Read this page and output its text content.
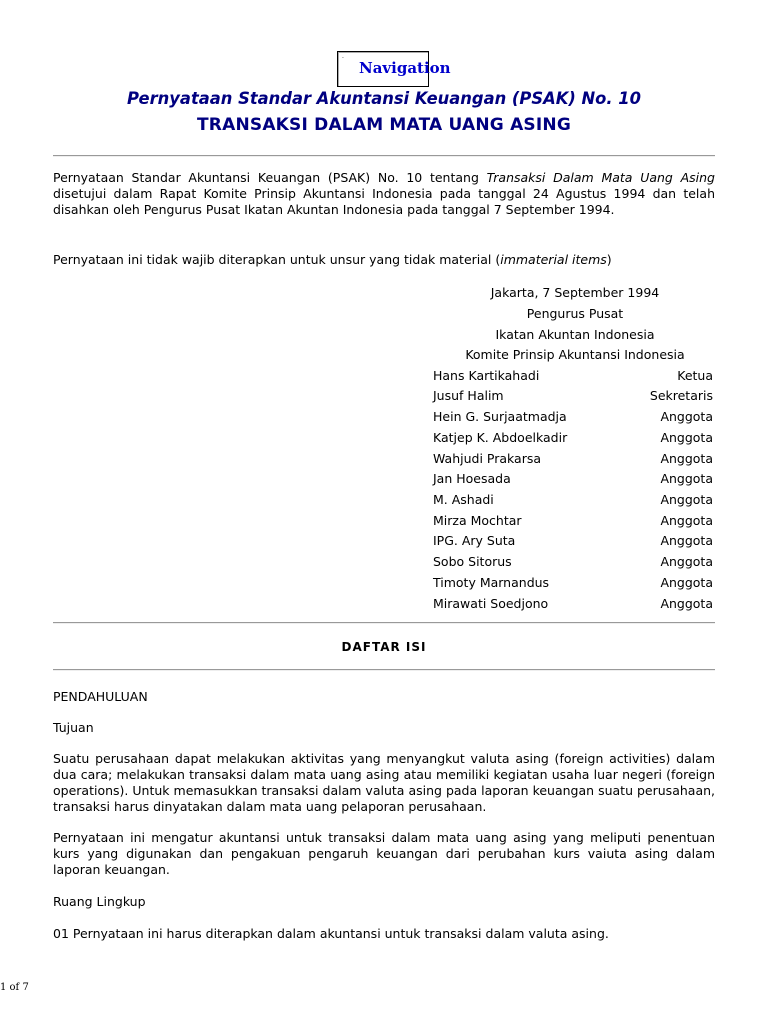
·
Navigation
Pernyataan Standar Akuntansi Keuangan (PSAK) No. 10
TRANSAKSI DALAM MATA UANG ASING
Pernyataan Standar Akuntansi Keuangan (PSAK) No. 10 tentang Transaksi Dalam Mata Uang Asing disetujui dalam Rapat Komite Prinsip Akuntansi Indonesia pada tanggal 24 Agustus 1994 dan telah disahkan oleh Pengurus Pusat Ikatan Akuntan Indonesia pada tanggal 7 September 1994.
Pernyataan ini tidak wajib diterapkan untuk unsur yang tidak material (immaterial items)
Jakarta, 7 September 1994
Pengurus Pusat
Ikatan Akuntan Indonesia
Komite Prinsip Akuntansi Indonesia
Hans Kartikahadi	Ketua
Jusuf Halim	Sekretaris
Hein G. Surjaatmadja	Anggota
Katjep K. Abdoelkadir	Anggota
Wahjudi Prakarsa	Anggota
Jan Hoesada	Anggota
M. Ashadi	Anggota
Mirza Mochtar	Anggota
IPG. Ary Suta	Anggota
Sobo Sitorus	Anggota
Timoty Marnandus	Anggota
Mirawati Soedjono	Anggota
DAFTAR ISI
PENDAHULUAN
Tujuan
Suatu perusahaan dapat melakukan aktivitas yang menyangkut valuta asing (foreign activities) dalam dua cara; melakukan transaksi dalam mata uang asing atau memiliki kegiatan usaha luar negeri (foreign operations). Untuk memasukkan transaksi dalam valuta asing pada laporan keuangan suatu perusahaan, transaksi harus dinyatakan dalam mata uang pelaporan perusahaan.
Pernyataan ini mengatur akuntansi untuk transaksi dalam mata uang asing yang meliputi penentuan kurs yang digunakan dan pengakuan pengaruh keuangan dari perubahan kurs vaiuta asing dalam laporan keuangan.
Ruang Lingkup
01 Pernyataan ini harus diterapkan dalam akuntansi untuk transaksi dalam valuta asing.
1 of 7
